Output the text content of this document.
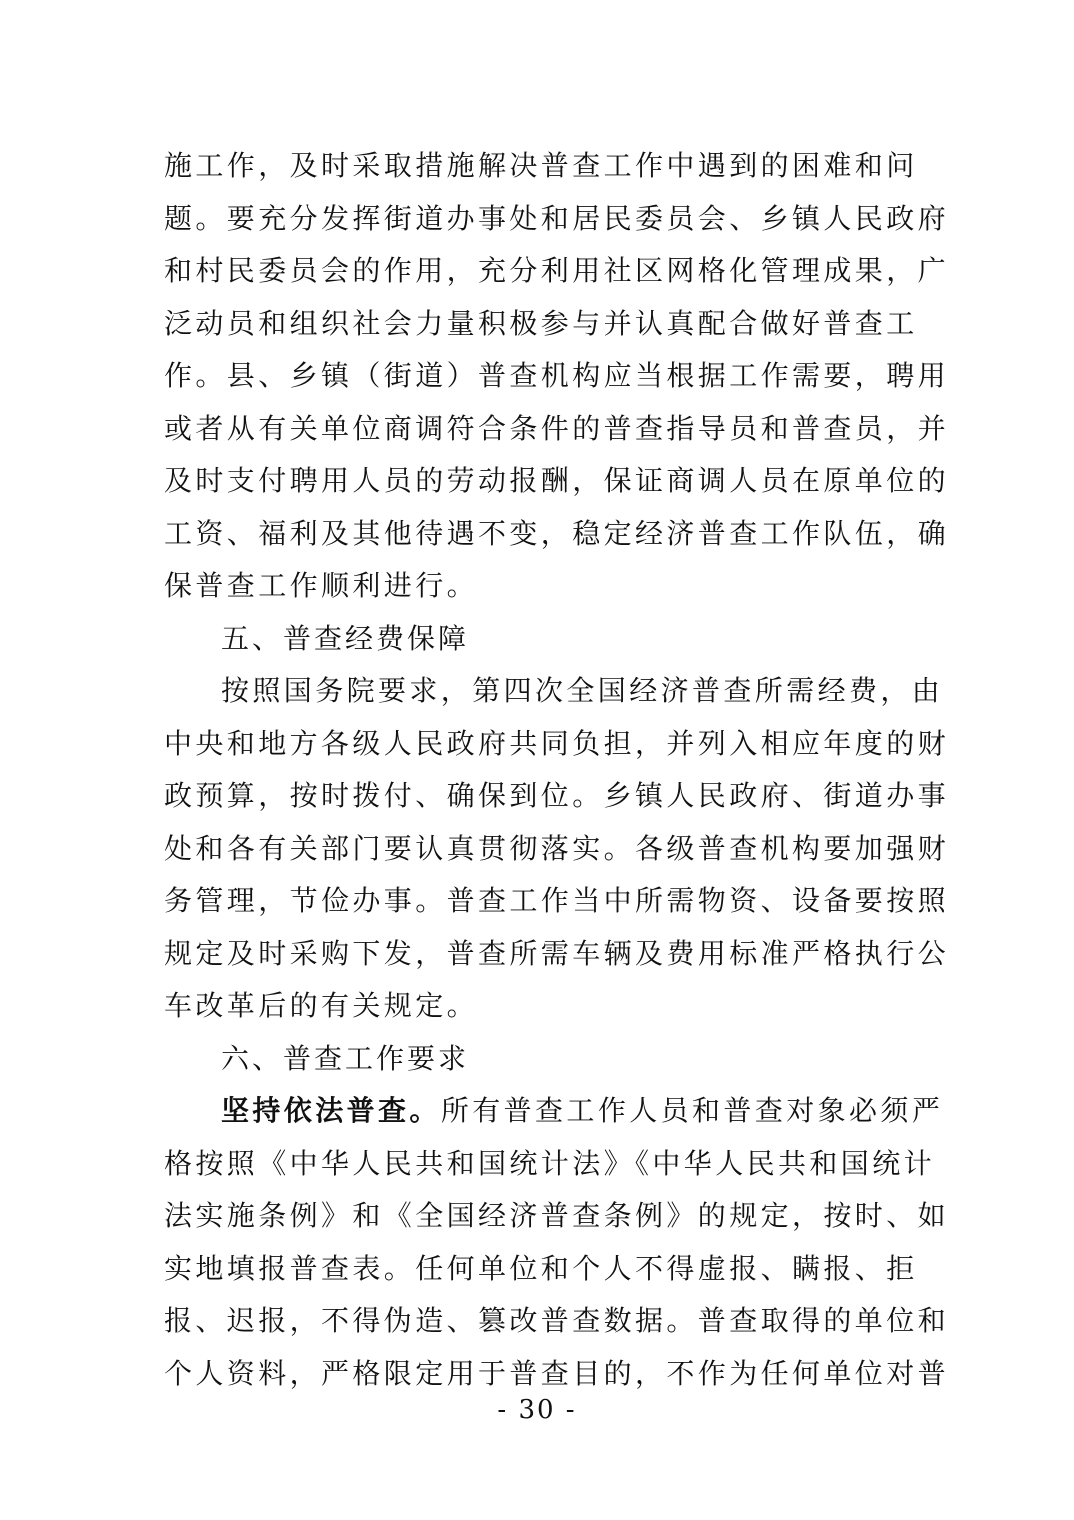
施工作，及时采取措施解决普查工作中遇到的困难和问
题。要充分发挥街道办事处和居民委员会、乡镇人民政府
和村民委员会的作用，充分利用社区网格化管理成果，广
泛动员和组织社会力量积极参与并认真配合做好普查工
作。县、乡镇（街道）普查机构应当根据工作需要，聘用
或者从有关单位商调符合条件的普查指导员和普查员，并
及时支付聘用人员的劳动报酬，保证商调人员在原单位的
工资、福利及其他待遇不变，稳定经济普查工作队伍，确
保普查工作顺利进行。
五、普查经费保障
按照国务院要求，第四次全国经济普查所需经费，由
中央和地方各级人民政府共同负担，并列入相应年度的财
政预算，按时拨付、确保到位。乡镇人民政府、街道办事
处和各有关部门要认真贯彻落实。各级普查机构要加强财
务管理，节俭办事。普查工作当中所需物资、设备要按照
规定及时采购下发，普查所需车辆及费用标准严格执行公
车改革后的有关规定。
六、普查工作要求
坚持依法普查。所有普查工作人员和普查对象必须严
格按照《中华人民共和国统计法》《中华人民共和国统计
法实施条例》和《全国经济普查条例》的规定，按时、如
实地填报普查表。任何单位和个人不得虚报、瞒报、拒
报、迟报，不得伪造、篡改普查数据。普查取得的单位和
个人资料，严格限定用于普查目的，不作为任何单位对普
- 30 -
